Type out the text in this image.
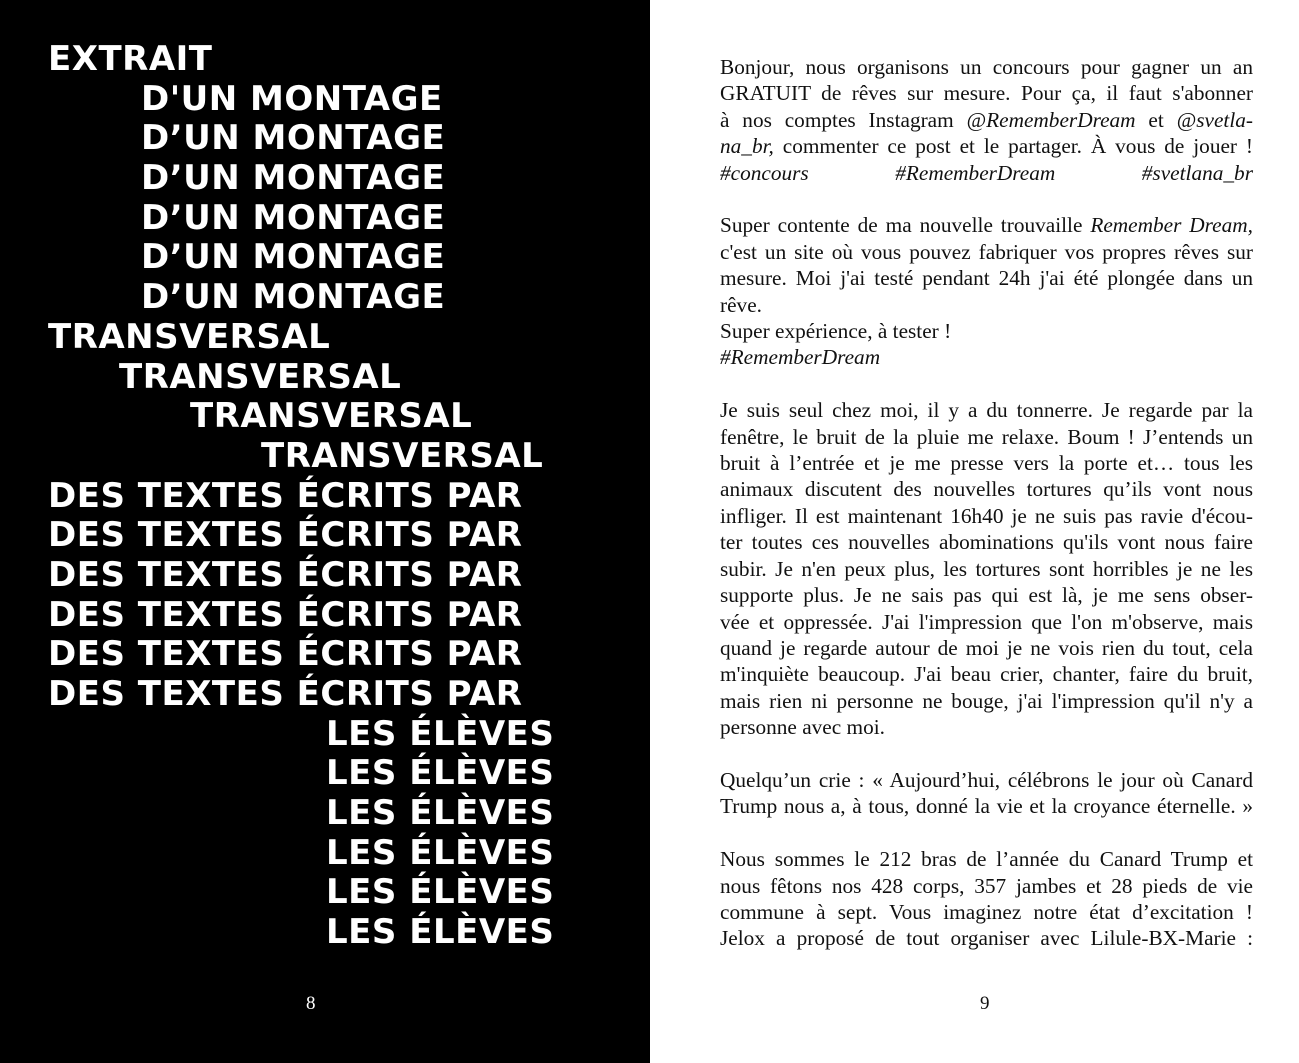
EXTRAIT
D'UN MONTAGE
D’UN MONTAGE
D’UN MONTAGE
D’UN MONTAGE
D’UN MONTAGE
D’UN MONTAGE
TRANSVERSAL
TRANSVERSAL
TRANSVERSAL
TRANSVERSAL
DES TEXTES ÉCRITS PAR
DES TEXTES ÉCRITS PAR
DES TEXTES ÉCRITS PAR
DES TEXTES ÉCRITS PAR
DES TEXTES ÉCRITS PAR
DES TEXTES ÉCRITS PAR
LES ÉLÈVES
LES ÉLÈVES
LES ÉLÈVES
LES ÉLÈVES
LES ÉLÈVES
LES ÉLÈVES
8

Bonjour, nous organisons un concours pour gagner un an
GRATUIT de rêves sur mesure. Pour ça, il faut s'abonner
à nos comptes Instagram @RememberDream et @svetla-
na_br, commenter ce post et le partager. À vous de jouer !
#concours #RememberDream #svetlana_br

Super contente de ma nouvelle trouvaille Remember Dream,
c'est un site où vous pouvez fabriquer vos propres rêves sur
mesure. Moi j'ai testé pendant 24h j'ai été plongée dans un
rêve.
Super expérience, à tester !
#RememberDream

Je suis seul chez moi, il y a du tonnerre. Je regarde par la
fenêtre, le bruit de la pluie me relaxe. Boum ! J’entends un
bruit à l’entrée et je me presse vers la porte et… tous les
animaux discutent des nouvelles tortures qu’ils vont nous
infliger. Il est maintenant 16h40 je ne suis pas ravie d'écou-
ter toutes ces nouvelles abominations qu'ils vont nous faire
subir. Je n'en peux plus, les tortures sont horribles je ne les
supporte plus. Je ne sais pas qui est là, je me sens obser-
vée et oppressée. J'ai l'impression que l'on m'observe, mais
quand je regarde autour de moi je ne vois rien du tout, cela
m'inquiète beaucoup. J'ai beau crier, chanter, faire du bruit,
mais rien ni personne ne bouge, j'ai l'impression qu'il n'y a
personne avec moi.

Quelqu’un crie : « Aujourd’hui, célébrons le jour où Canard
Trump nous a, à tous, donné la vie et la croyance éternelle. »

Nous sommes le 212 bras de l’année du Canard Trump et
nous fêtons nos 428 corps, 357 jambes et 28 pieds de vie
commune à sept. Vous imaginez notre état d’excitation !
Jelox a proposé de tout organiser avec Lilule-BX-Marie :

9
